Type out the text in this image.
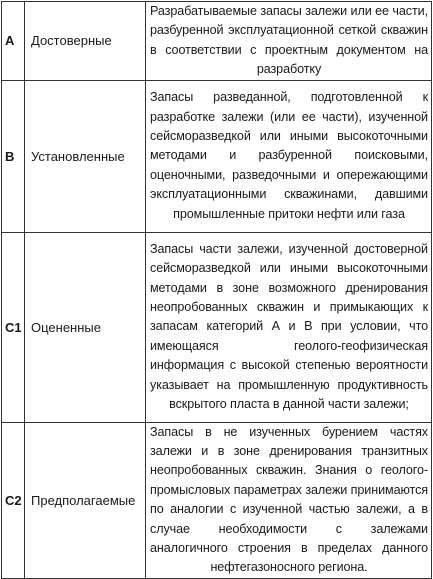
A	Достоверные	Разрабатываемые запасы залежи или ее части, разбуренной эксплуатационной сеткой скважин в соответствии с проектным документом на разработку
B	Установленные	Запасы разведанной, подготовленной к разработке залежи (или ее части), изученной сейсморазведкой или иными высокоточными методами и разбуренной поисковыми, оценочными, разведочными и опережающими эксплуатационными скважинами, давшими промышленные притоки нефти или газа
C1	Оцененные	Запасы части залежи, изученной достоверной сейсморазведкой или иными высокоточными методами в зоне возможного дренирования неопробованных скважин и примыкающих к запасам категорий А и В при условии, что имеющаяся геолого-геофизическая информация с высокой степенью вероятности указывает на промышленную продуктивность вскрытого пласта в данной части залежи;
C2	Предполагаемые	Запасы в не изученных бурением частях залежи и в зоне дренирования транзитных неопробованных скважин. Знания о геолого-промысловых параметрах залежи принимаются по аналогии с изученной частью залежи, а в случае необходимости с залежами аналогичного строения в пределах данного нефтегазоносного региона.
